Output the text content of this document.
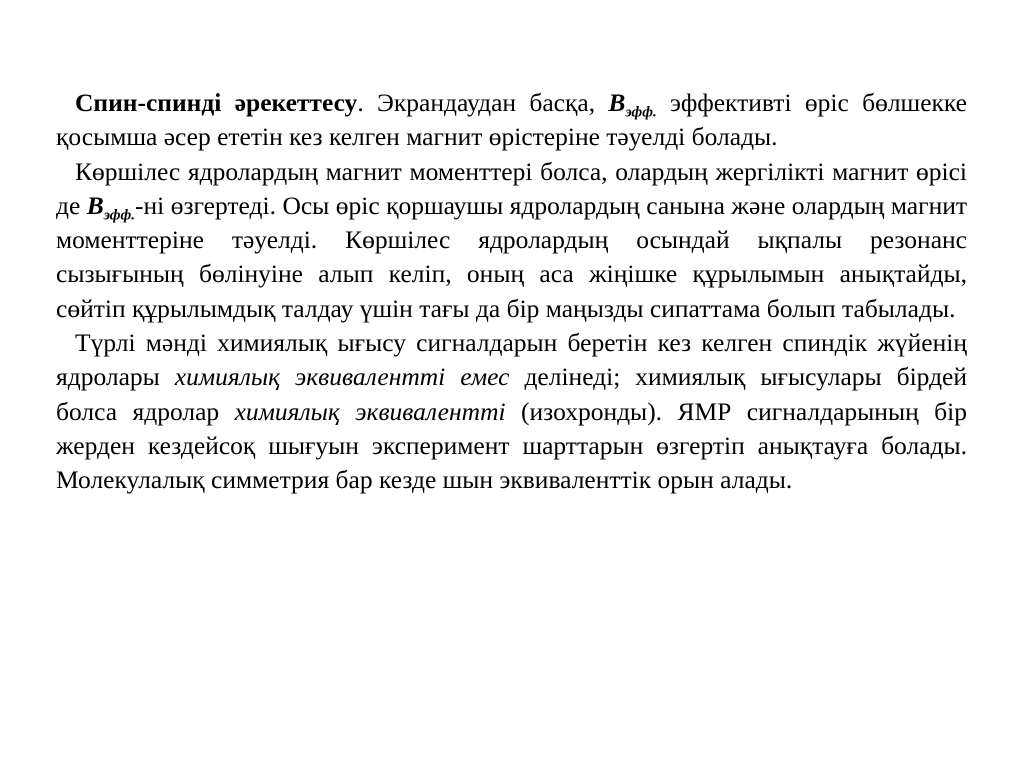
Спин-спинді әрекеттесу. Экрандаудан басқа, $B_{эфф.}$ эффективті өріс бөлшекке қосымша әсер ететін кез келген магнит өрістеріне тәуелді болады.

Көршілес ядролардың магнит моменттері болса, олардың жергілікті магнит өрісі де $B_{эфф.}-ні$ өзгертеді. Осы өріс қоршаушы ядролардың санына және олардың магнит моменттеріне тәуелді. Көршілес ядролардың осындай ықпалы резонанс сызығының бөлінуіне алып келіп, оның аса жіңішке құрылымын анықтайды, сөйтіп құрылымдық талдау үшін тағы да бір маңызды сипаттама болып табылады.

Түрлі мәнді химиялық ығысу сигналдарын беретін кез келген спиндік жүйенің ядролары химиялық эквивалентті емес делінеді; химиялық ығысулары бірдей болса ядролар химиялық эквивалентті (изохронды). ЯМР сигналдарының бір жерден кездейсоқ шығуын эксперимент шарттарын өзгертіп анықтауға болады. Молекулалық симметрия бар кезде шын эквиваленттік орын алады.
